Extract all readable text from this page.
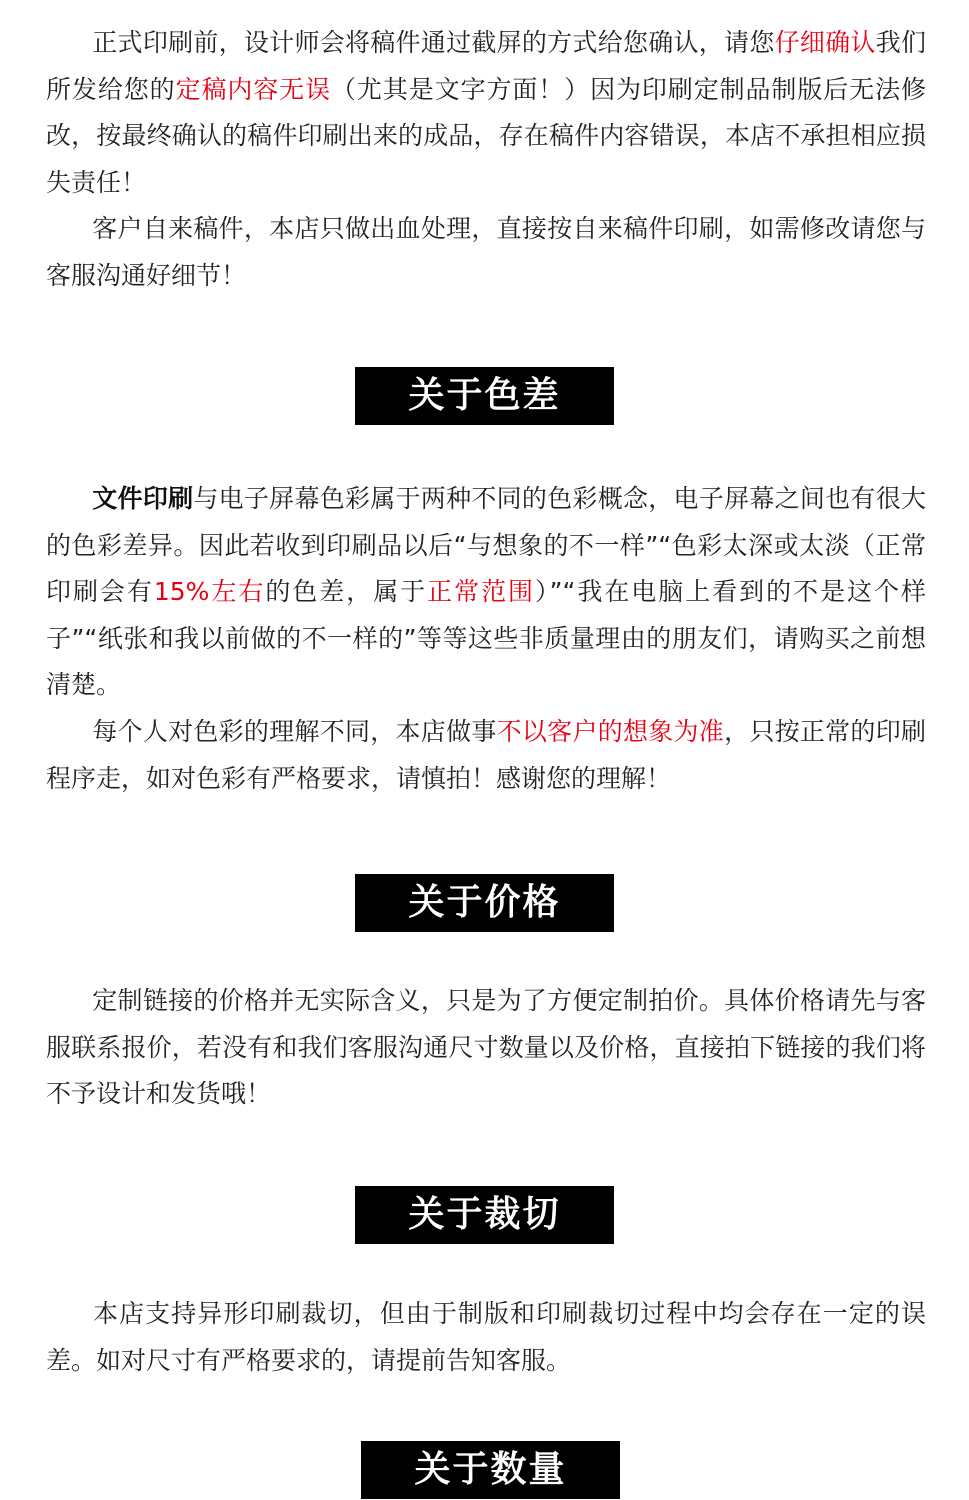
正式印刷前，设计师会将稿件通过截屏的方式给您确认，请您仔细确认我们所发给您的定稿内容无误（尤其是文字方面！）因为印刷定制品制版后无法修改，按最终确认的稿件印刷出来的成品，存在稿件内容错误，本店不承担相应损失责任！

客户自来稿件，本店只做出血处理，直接按自来稿件印刷，如需修改请您与客服沟通好细节！

关于色差

文件印刷与电子屏幕色彩属于两种不同的色彩概念，电子屏幕之间也有很大的色彩差异。因此若收到印刷品以后“与想象的不一样”“色彩太深或太淡（正常印刷会有15%左右的色差，属于正常范围）”“我在电脑上看到的不是这个样子”“纸张和我以前做的不一样的”等等这些非质量理由的朋友们，请购买之前想清楚。

每个人对色彩的理解不同，本店做事不以客户的想象为准，只按正常的印刷程序走，如对色彩有严格要求，请慎拍！感谢您的理解！

关于价格

定制链接的价格并无实际含义，只是为了方便定制拍价。具体价格请先与客服联系报价，若没有和我们客服沟通尺寸数量以及价格，直接拍下链接的我们将不予设计和发货哦！

关于裁切

本店支持异形印刷裁切，但由于制版和印刷裁切过程中均会存在一定的误差。如对尺寸有严格要求的，请提前告知客服。

关于数量
